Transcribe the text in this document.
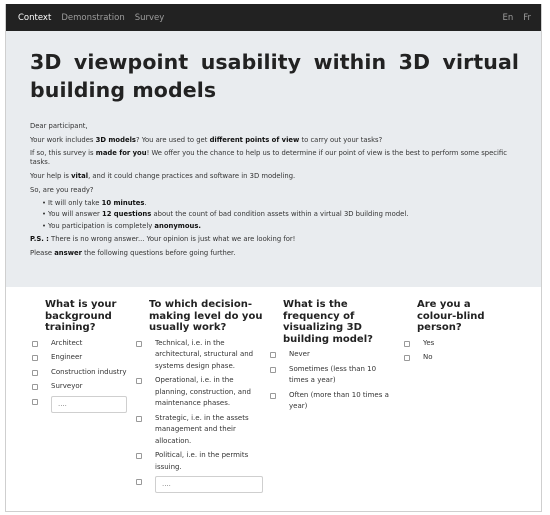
Context Demonstration Survey	En Fr
3D viewpoint usability within 3D virtual building models

Dear participant,

Your work includes 3D models? You are used to get different points of view to carry out your tasks?

If so, this survey is made for you! We offer you the chance to help us to determine if our point of view is the best to perform some specific tasks.

Your help is vital, and it could change practices and software in 3D modeling.

So, are you ready?

• It will only take 10 minutes.
• You will answer 12 questions about the count of bad condition assets within a virtual 3D building model.
• You participation is completely anonymous.

P.S. : There is no wrong answer... Your opinion is just what we are looking for!

Please answer the following questions before going further.

What is your background training?
Architect
Engineer
Construction industry
Surveyor
....
To which decision-making level do you usually work?
Technical, i.e. in the architectural, structural and systems design phase.
Operational, i.e. in the planning, construction, and maintenance phases.
Strategic, i.e. in the assets management and their allocation.
Political, i.e. in the permits issuing.
....
What is the frequency of visualizing 3D building model?
Never
Sometimes (less than 10 times a year)
Often (more than 10 times a year)
Are you a colour-blind person?
Yes
No
